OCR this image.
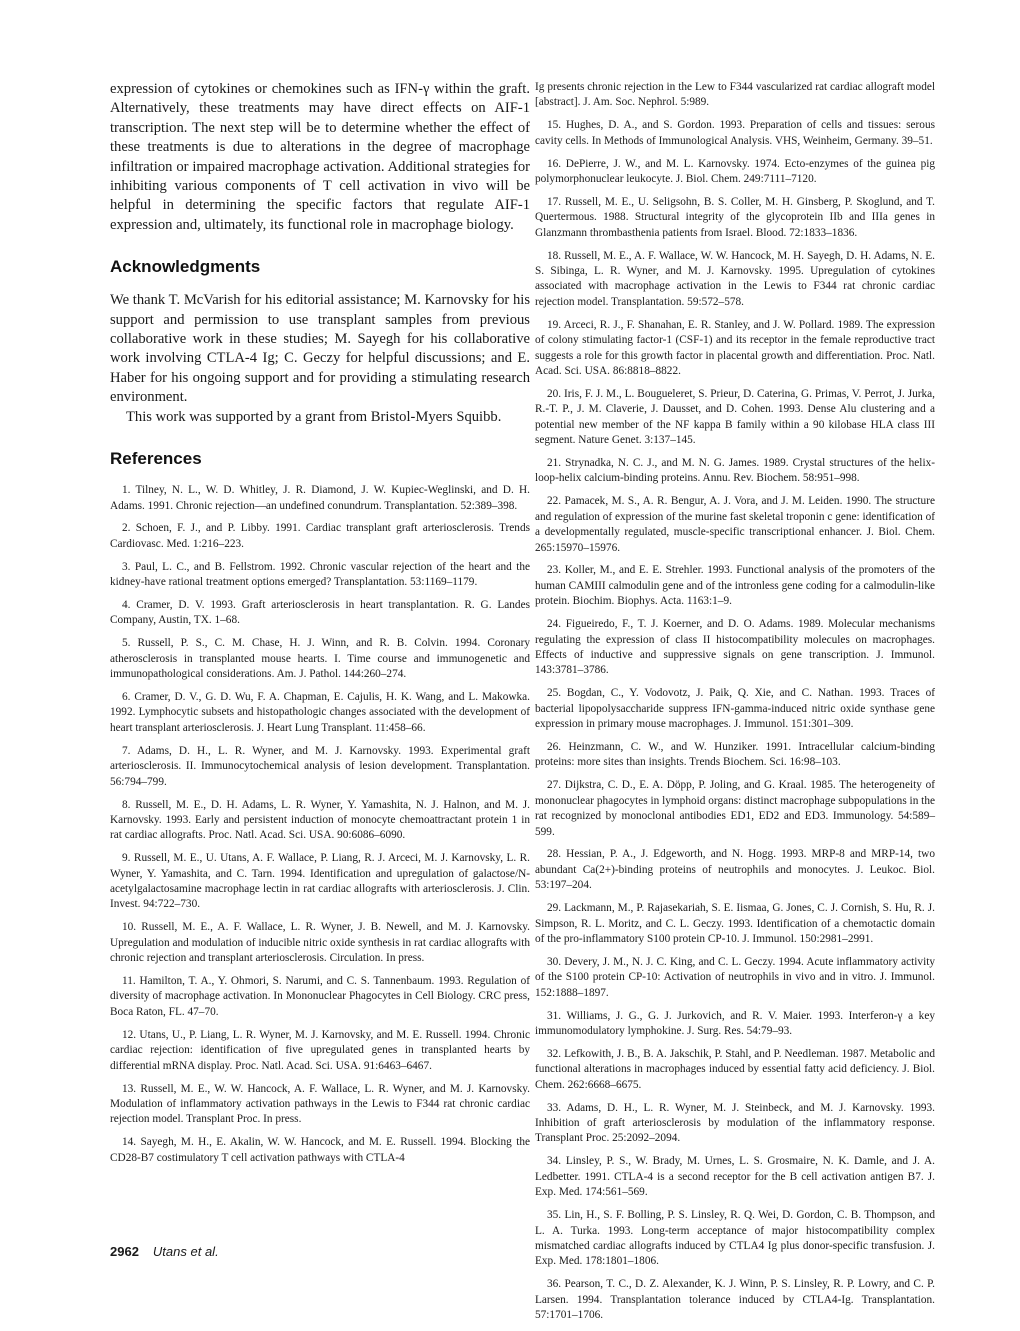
expression of cytokines or chemokines such as IFN-γ within the graft. Alternatively, these treatments may have direct effects on AIF-1 transcription. The next step will be to determine whether the effect of these treatments is due to alterations in the degree of macrophage infiltration or impaired macrophage activation. Additional strategies for inhibiting various components of T cell activation in vivo will be helpful in determining the specific factors that regulate AIF-1 expression and, ultimately, its functional role in macrophage biology.

Acknowledgments

We thank T. McVarish for his editorial assistance; M. Karnovsky for his support and permission to use transplant samples from previous collaborative work in these studies; M. Sayegh for his collaborative work involving CTLA-4 Ig; C. Geczy for helpful discussions; and E. Haber for his ongoing support and for providing a stimulating research environment.

This work was supported by a grant from Bristol-Myers Squibb.

References
1. Tilney, N. L., W. D. Whitley, J. R. Diamond, J. W. Kupiec-Weglinski, and D. H. Adams. 1991. Chronic rejection—an undefined conundrum. Transplantation. 52:389–398.
2. Schoen, F. J., and P. Libby. 1991. Cardiac transplant graft arteriosclerosis. Trends Cardiovasc. Med. 1:216–223.
3. Paul, L. C., and B. Fellstrom. 1992. Chronic vascular rejection of the heart and the kidney-have rational treatment options emerged? Transplantation. 53:1169–1179.
4. Cramer, D. V. 1993. Graft arteriosclerosis in heart transplantation. R. G. Landes Company, Austin, TX. 1–68.
5. Russell, P. S., C. M. Chase, H. J. Winn, and R. B. Colvin. 1994. Coronary atherosclerosis in transplanted mouse hearts. I. Time course and immunogenetic and immunopathological considerations. Am. J. Pathol. 144:260–274.
6. Cramer, D. V., G. D. Wu, F. A. Chapman, E. Cajulis, H. K. Wang, and L. Makowka. 1992. Lymphocytic subsets and histopathologic changes associated with the development of heart transplant arteriosclerosis. J. Heart Lung Transplant. 11:458–66.
7. Adams, D. H., L. R. Wyner, and M. J. Karnovsky. 1993. Experimental graft arteriosclerosis. II. Immunocytochemical analysis of lesion development. Transplantation. 56:794–799.
8. Russell, M. E., D. H. Adams, L. R. Wyner, Y. Yamashita, N. J. Halnon, and M. J. Karnovsky. 1993. Early and persistent induction of monocyte chemoattractant protein 1 in rat cardiac allografts. Proc. Natl. Acad. Sci. USA. 90:6086–6090.
9. Russell, M. E., U. Utans, A. F. Wallace, P. Liang, R. J. Arceci, M. J. Karnovsky, L. R. Wyner, Y. Yamashita, and C. Tarn. 1994. Identification and upregulation of galactose/N-acetylgalactosamine macrophage lectin in rat cardiac allografts with arteriosclerosis. J. Clin. Invest. 94:722–730.
10. Russell, M. E., A. F. Wallace, L. R. Wyner, J. B. Newell, and M. J. Karnovsky. Upregulation and modulation of inducible nitric oxide synthesis in rat cardiac allografts with chronic rejection and transplant arteriosclerosis. Circulation. In press.
11. Hamilton, T. A., Y. Ohmori, S. Narumi, and C. S. Tannenbaum. 1993. Regulation of diversity of macrophage activation. In Mononuclear Phagocytes in Cell Biology. CRC press, Boca Raton, FL. 47–70.
12. Utans, U., P. Liang, L. R. Wyner, M. J. Karnovsky, and M. E. Russell. 1994. Chronic cardiac rejection: identification of five upregulated genes in transplanted hearts by differential mRNA display. Proc. Natl. Acad. Sci. USA. 91:6463–6467.
13. Russell, M. E., W. W. Hancock, A. F. Wallace, L. R. Wyner, and M. J. Karnovsky. Modulation of inflammatory activation pathways in the Lewis to F344 rat chronic cardiac rejection model. Transplant Proc. In press.
14. Sayegh, M. H., E. Akalin, W. W. Hancock, and M. E. Russell. 1994. Blocking the CD28-B7 costimulatory T cell activation pathways with CTLA-4
Ig presents chronic rejection in the Lew to F344 vascularized rat cardiac allograft model [abstract]. J. Am. Soc. Nephrol. 5:989.
15. Hughes, D. A., and S. Gordon. 1993. Preparation of cells and tissues: serous cavity cells. In Methods of Immunological Analysis. VHS, Weinheim, Germany. 39–51.
16. DePierre, J. W., and M. L. Karnovsky. 1974. Ecto-enzymes of the guinea pig polymorphonuclear leukocyte. J. Biol. Chem. 249:7111–7120.
17. Russell, M. E., U. Seligsohn, B. S. Coller, M. H. Ginsberg, P. Skoglund, and T. Quertermous. 1988. Structural integrity of the glycoprotein IIb and IIIa genes in Glanzmann thrombasthenia patients from Israel. Blood. 72:1833–1836.
18. Russell, M. E., A. F. Wallace, W. W. Hancock, M. H. Sayegh, D. H. Adams, N. E. S. Sibinga, L. R. Wyner, and M. J. Karnovsky. 1995. Upregulation of cytokines associated with macrophage activation in the Lewis to F344 rat chronic cardiac rejection model. Transplantation. 59:572–578.
19. Arceci, R. J., F. Shanahan, E. R. Stanley, and J. W. Pollard. 1989. The expression of colony stimulating factor-1 (CSF-1) and its receptor in the female reproductive tract suggests a role for this growth factor in placental growth and differentiation. Proc. Natl. Acad. Sci. USA. 86:8818–8822.
20. Iris, F. J. M., L. Bougueleret, S. Prieur, D. Caterina, G. Primas, V. Perrot, J. Jurka, R.-T. P., J. M. Claverie, J. Dausset, and D. Cohen. 1993. Dense Alu clustering and a potential new member of the NF kappa B family within a 90 kilobase HLA class III segment. Nature Genet. 3:137–145.
21. Strynadka, N. C. J., and M. N. G. James. 1989. Crystal structures of the helix-loop-helix calcium-binding proteins. Annu. Rev. Biochem. 58:951–998.
22. Pamacek, M. S., A. R. Bengur, A. J. Vora, and J. M. Leiden. 1990. The structure and regulation of expression of the murine fast skeletal troponin c gene: identification of a developmentally regulated, muscle-specific transcriptional enhancer. J. Biol. Chem. 265:15970–15976.
23. Koller, M., and E. E. Strehler. 1993. Functional analysis of the promoters of the human CAMIII calmodulin gene and of the intronless gene coding for a calmodulin-like protein. Biochim. Biophys. Acta. 1163:1–9.
24. Figueiredo, F., T. J. Koerner, and D. O. Adams. 1989. Molecular mechanisms regulating the expression of class II histocompatibility molecules on macrophages. Effects of inductive and suppressive signals on gene transcription. J. Immunol. 143:3781–3786.
25. Bogdan, C., Y. Vodovotz, J. Paik, Q. Xie, and C. Nathan. 1993. Traces of bacterial lipopolysaccharide suppress IFN-gamma-induced nitric oxide synthase gene expression in primary mouse macrophages. J. Immunol. 151:301–309.
26. Heinzmann, C. W., and W. Hunziker. 1991. Intracellular calcium-binding proteins: more sites than insights. Trends Biochem. Sci. 16:98–103.
27. Dijkstra, C. D., E. A. Döpp, P. Joling, and G. Kraal. 1985. The heterogeneity of mononuclear phagocytes in lymphoid organs: distinct macrophage subpopulations in the rat recognized by monoclonal antibodies ED1, ED2 and ED3. Immunology. 54:589–599.
28. Hessian, P. A., J. Edgeworth, and N. Hogg. 1993. MRP-8 and MRP-14, two abundant Ca(2+)-binding proteins of neutrophils and monocytes. J. Leukoc. Biol. 53:197–204.
29. Lackmann, M., P. Rajasekariah, S. E. Iismaa, G. Jones, C. J. Cornish, S. Hu, R. J. Simpson, R. L. Moritz, and C. L. Geczy. 1993. Identification of a chemotactic domain of the pro-inflammatory S100 protein CP-10. J. Immunol. 150:2981–2991.
30. Devery, J. M., N. J. C. King, and C. L. Geczy. 1994. Acute inflammatory activity of the S100 protein CP-10: Activation of neutrophils in vivo and in vitro. J. Immunol. 152:1888–1897.
31. Williams, J. G., G. J. Jurkovich, and R. V. Maier. 1993. Interferon-γ a key immunomodulatory lymphokine. J. Surg. Res. 54:79–93.
32. Lefkowith, J. B., B. A. Jakschik, P. Stahl, and P. Needleman. 1987. Metabolic and functional alterations in macrophages induced by essential fatty acid deficiency. J. Biol. Chem. 262:6668–6675.
33. Adams, D. H., L. R. Wyner, M. J. Steinbeck, and M. J. Karnovsky. 1993. Inhibition of graft arteriosclerosis by modulation of the inflammatory response. Transplant Proc. 25:2092–2094.
34. Linsley, P. S., W. Brady, M. Urnes, L. S. Grosmaire, N. K. Damle, and J. A. Ledbetter. 1991. CTLA-4 is a second receptor for the B cell activation antigen B7. J. Exp. Med. 174:561–569.
35. Lin, H., S. F. Bolling, P. S. Linsley, R. Q. Wei, D. Gordon, C. B. Thompson, and L. A. Turka. 1993. Long-term acceptance of major histocompatibility complex mismatched cardiac allografts induced by CTLA4 Ig plus donor-specific transfusion. J. Exp. Med. 178:1801–1806.
36. Pearson, T. C., D. Z. Alexander, K. J. Winn, P. S. Linsley, R. P. Lowry, and C. P. Larsen. 1994. Transplantation tolerance induced by CTLA4-Ig. Transplantation. 57:1701–1706.
2962 Utans et al.
